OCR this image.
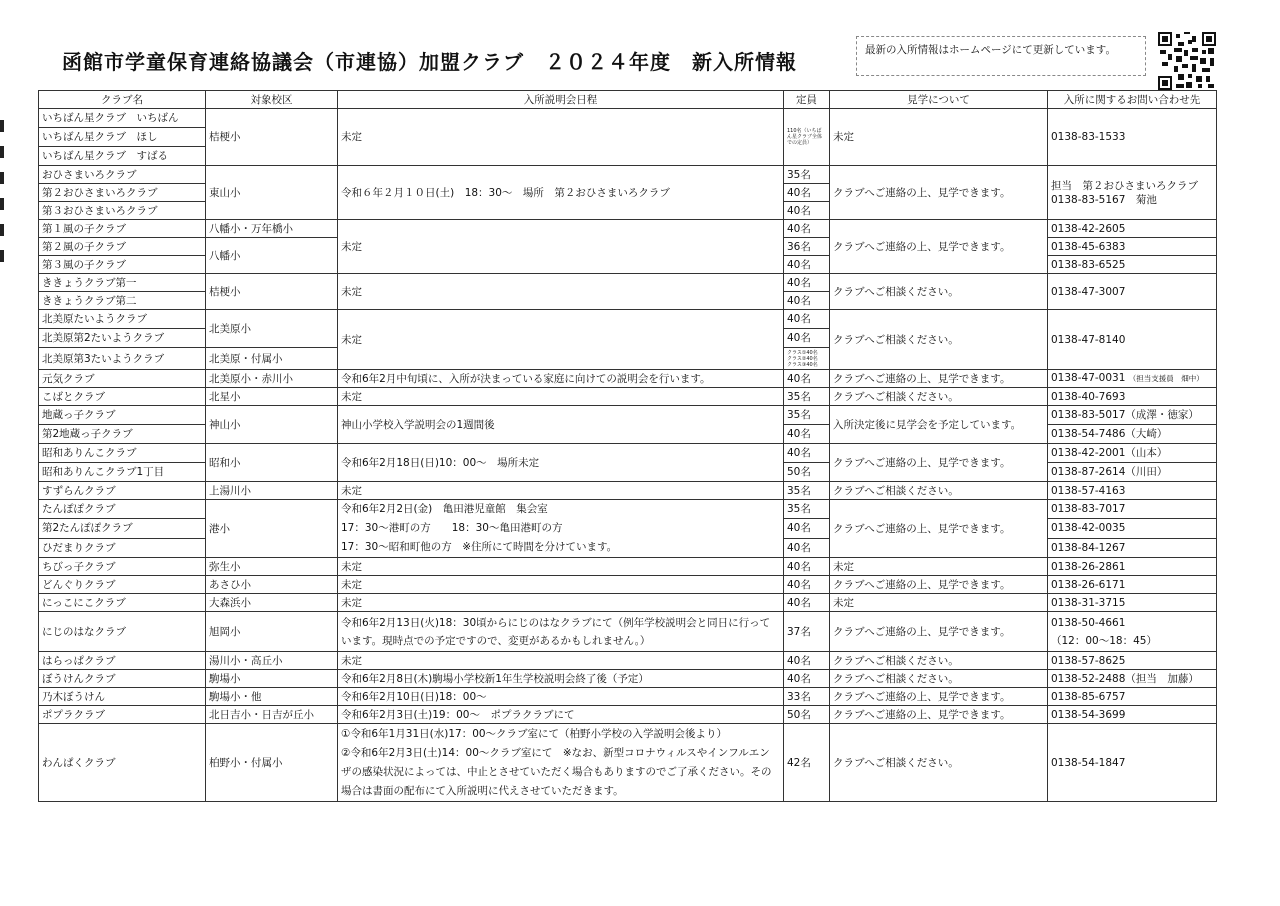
函館市学童保育連絡協議会（市連協）加盟クラブ　２０２４年度　新入所情報	最新の入所情報はホームページにて更新しています。
クラブ名	対象校区	入所説明会日程	定員	見学について	入所に関するお問い合わせ先
いちばん星クラブ　いちばん	桔梗小	未定	110名（いちばん星クラブ全体での定員）	未定	0138-83-1533
いちばん星クラブ　ほし					
いちばん星クラブ　すばる					
おひさまいろクラブ	東山小	令和６年２月１０日(土)　18：30～　場所　第２おひさまいろクラブ	35名	クラブへご連絡の上、見学できます。	担当　第２おひさまいろクラブ
0138-83-5167　菊池
第２おひさまいろクラブ			40名		
第３おひさまいろクラブ			40名		
第１風の子クラブ	八幡小・万年橋小	未定	40名	クラブへご連絡の上、見学できます。	0138-42-2605
第２風の子クラブ	八幡小		36名		0138-45-6383
第３風の子クラブ			40名		0138-83-6525
ききょうクラブ第一	桔梗小	未定	40名	クラブへご相談ください。	0138-47-3007
ききょうクラブ第二			40名		
北美原たいようクラブ	北美原小	未定	40名	クラブへご相談ください。	0138-47-8140
北美原第2たいようクラブ			40名		
北美原第3たいようクラブ	北美原・付属小		クラス①40名
クラス②40名
クラス③40名		

元気クラブ	北美原小・赤川小	令和6年2月中旬頃に、入所が決まっている家庭に向けての説明会を行います。	40名	クラブへご連絡の上、見学できます。	0138-47-0031 （担当支援員　畑中）
こばとクラブ	北星小	未定	35名	クラブへご相談ください。	0138-40-7693
地蔵っ子クラブ	神山小	神山小学校入学説明会の1週間後	35名	入所決定後に見学会を予定しています。	0138-83-5017（成澤・徳家）
第2地蔵っ子クラブ			40名		0138-54-7486（大崎）
昭和ありんこクラブ	昭和小	令和6年2月18日(日)10：00～　場所未定	40名	クラブへご連絡の上、見学できます。	0138-42-2001（山本）
昭和ありんこクラブ1丁目			50名		0138-87-2614（川田）
すずらんクラブ	上湯川小	未定	35名	クラブへご相談ください。	0138-57-4163
たんぽぽクラブ	港小	令和6年2月2日(金)　亀田港児童館　集会室
17：30～港町の方　　18：30～亀田港町の方
17：30～昭和町他の方　※住所にて時間を分けています。	35名	クラブへご連絡の上、見学できます。	0138-83-7017
第2たんぽぽクラブ			40名		0138-42-0035
ひだまりクラブ			40名		0138-84-1267
ちびっ子クラブ	弥生小	未定	40名	未定	0138-26-2861
どんぐりクラブ	あさひ小	未定	40名	クラブへご連絡の上、見学できます。	0138-26-6171
にっこにこクラブ	大森浜小	未定	40名	未定	0138-31-3715
にじのはなクラブ	旭岡小	令和6年2月13日(火)18：30頃からにじのはなクラブにて（例年学校説明会と同日に行っています。現時点での予定ですので、変更があるかもしれません。）	37名	クラブへご連絡の上、見学できます。	0138-50-4661
（12：00～18：45）
はらっぱクラブ	湯川小・高丘小	未定	40名	クラブへご相談ください。	0138-57-8625
ぼうけんクラブ	駒場小	令和6年2月8日(木)駒場小学校新1年生学校説明会終了後（予定）	40名	クラブへご相談ください。	0138-52-2488（担当　加藤）
乃木ぼうけん	駒場小・他	令和6年2月10日(日)18：00～	33名	クラブへご連絡の上、見学できます。	0138-85-6757
ポプラクラブ	北日吉小・日吉が丘小	令和6年2月3日(土)19：00～　ポプラクラブにて	50名	クラブへご連絡の上、見学できます。	0138-54-3699
わんぱくクラブ	柏野小・付属小	①令和6年1月31日(水)17：00～クラブ室にて（柏野小学校の入学説明会後より）
②令和6年2月3日(土)14：00～クラブ室にて　※なお、新型コロナウィルスやインフルエンザの感染状況によっては、中止とさせていただく場合もありますのでご了承ください。その場合は書面の配布にて入所説明に代えさせていただきます。	42名	クラブへご相談ください。	0138-54-1847
